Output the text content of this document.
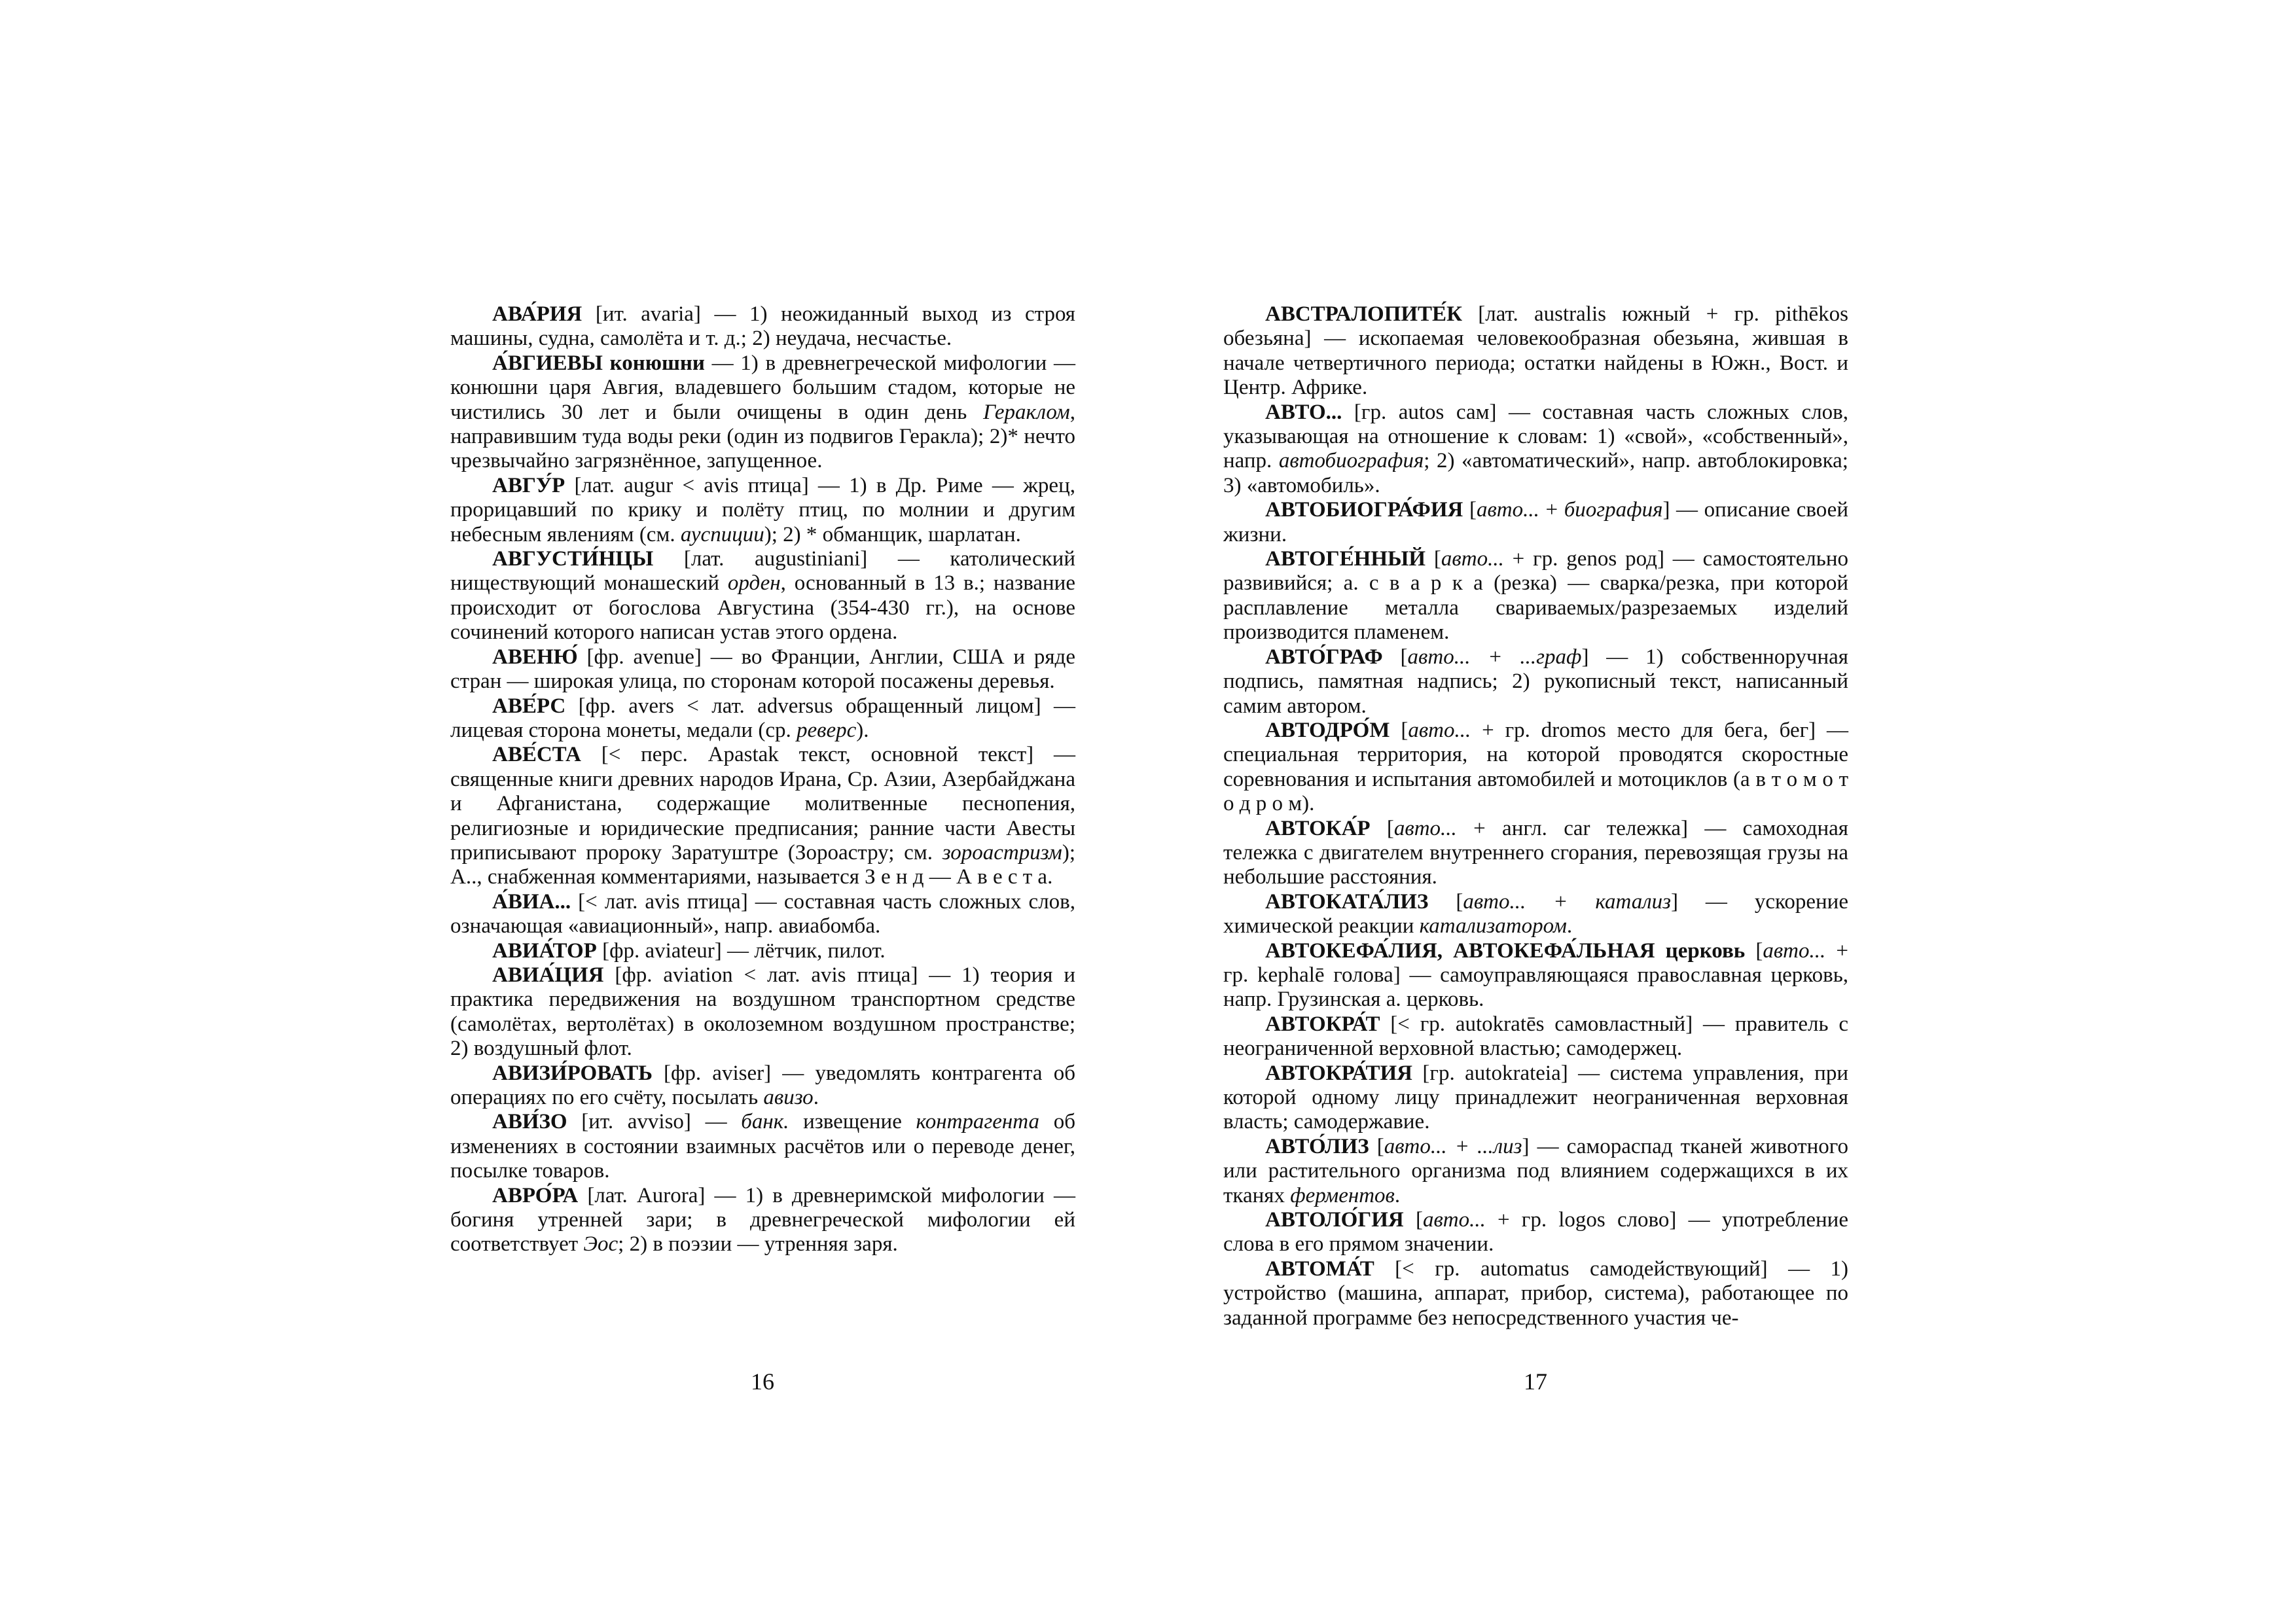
АВА́РИЯ [ит. avaria] — 1) неожиданный выход из строя машины, судна, самолёта и т. д.; 2) неудача, несчастье.

А́ВГИЕВЫ конюшни — 1) в древнегреческой мифологии — конюшни царя Авгия, владевшего большим стадом, которые не чистились 30 лет и были очищены в один день Гераклом, направившим туда воды реки (один из подвигов Геракла); 2)* нечто чрезвычайно загрязнённое, запущенное.

АВГУ́Р [лат. augur < avis птица] — 1) в Др. Риме — жрец, прорицавший по крику и полёту птиц, по молнии и другим небесным явлениям (см. ауспиции); 2) * обманщик, шарлатан.

АВГУСТИ́НЦЫ [лат. augustiniani] — католический ниществующий монашеский орден, основанный в 13 в.; название происходит от богослова Августина (354-430 гг.), на основе сочинений которого написан устав этого ордена.

АВЕНЮ́ [фр. avenue] — во Франции, Англии, США и ряде стран — широкая улица, по сторонам которой посажены деревья.

АВЕ́РС [фр. avers < лат. adversus обращенный лицом] — лицевая сторона монеты, медали (ср. реверс).

АВЕ́СТА [< перс. Apastak текст, основной текст] — священные книги древних народов Ирана, Ср. Азии, Азербайджана и Афганистана, содержащие молитвенные песнопения, религиозные и юридические предписания; ранние части Авесты приписывают пророку Заратуштре (Зороастру; см. зороастризм); А.., снабженная комментариями, называется З е н д — А в е с т а.

А́ВИА... [< лат. avis птица] — составная часть сложных слов, означающая «авиационный», напр. авиабомба.

АВИА́ТОР [фр. aviateur] — лётчик, пилот.

АВИА́ЦИЯ [фр. aviation < лат. avis птица] — 1) теория и практика передвижения на воздушном транспортном средстве (самолётах, вертолётах) в околоземном воздушном пространстве; 2) воздушный флот.

АВИЗИ́РОВАТЬ [фр. aviser] — уведомлять контрагента об операциях по его счёту, посылать авизо.

АВИ́ЗО [ит. avviso] — банк. извещение контрагента об изменениях в состоянии взаимных расчётов или о переводе денег, посылке товаров.

АВРО́РА [лат. Aurora] — 1) в древнеримской мифологии — богиня утренней зари; в древнегреческой мифологии ей соответствует Эос; 2) в поэзии — утренняя заря.

АВСТРАЛОПИТЕ́К [лат. australis южный + гр. pithēkos обезьяна] — ископаемая человекообразная обезьяна, жившая в начале четвертичного периода; остатки найдены в Южн., Вост. и Центр. Африке.

АВТО... [гр. autos сам] — составная часть сложных слов, указывающая на отношение к словам: 1) «свой», «собственный», напр. автобиография; 2) «автоматический», напр. автоблокировка; 3) «автомобиль».

АВТОБИОГРА́ФИЯ [авто... + биография] — описание своей жизни.

АВТОГЕ́ННЫЙ [авто... + гр. genos род] — самостоятельно развивийся; а. с в а р к а (резка) — сварка/резка, при которой расплавление металла свариваемых/разрезаемых изделий производится пламенем.

АВТО́ГРАФ [авто... + ...граф] — 1) собственноручная подпись, памятная надпись; 2) рукописный текст, написанный самим автором.

АВТОДРО́М [авто... + гр. dromos место для бега, бег] — специальная территория, на которой проводятся скоростные соревнования и испытания автомобилей и мотоциклов (а в т о м о т о д р о м).

АВТОКА́Р [авто... + англ. car тележка] — самоходная тележка с двигателем внутреннего сгорания, перевозящая грузы на небольшие расстояния.

АВТОКАТА́ЛИЗ [авто... + катализ] — ускорение химической реакции катализатором.

АВТОКЕФА́ЛИЯ, АВТОКЕФА́ЛЬНАЯ церковь [авто... + гр. kephalē голова] — самоуправляющаяся православная церковь, напр. Грузинская а. церковь.

АВТОКРА́Т [< гр. autokratēs самовластный] — правитель с неограниченной верховной властью; самодержец.

АВТОКРА́ТИЯ [гр. autokrateia] — система управления, при которой одному лицу принадлежит неограниченная верховная власть; самодержавие.

АВТО́ЛИЗ [авто... + ...лиз] — самораспад тканей животного или растительного организма под влиянием содержащихся в их тканях ферментов.

АВТОЛО́ГИЯ [авто... + гр. logos слово] — употребление слова в его прямом значении.

АВТОМА́Т [< гр. automatus самодействующий] — 1) устройство (машина, аппарат, прибор, система), работающее по заданной программе без непосредственного участия че-

16	17
